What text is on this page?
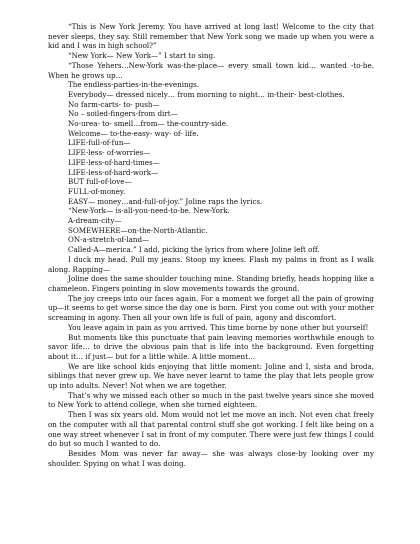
“This is New York Jeremy. You have arrived at long last! Welcome to the city that never sleeps, they say. Still remember that New York song we made up when you were a kid and I was in high school?”

“New York— New York—” I start to sing.

“Those Yehers…New-York was-the-place— every small town kid… wanted -to-be. When he grows up…

The endless-parties-in-the-evenings.

Everybody— dressed nicely… from morning to night… in-their- best-clothes.

No farm-carts- to- push—

No – soiled-fingers-from dirt—

No-urea- to- smell…from— the-country-side.

Welcome— to-the-easy- way- of- life.

LIFE-full-of-fun—

LIFE-less- of-worries—

LIFE-less-of-hard-times—

LIFE-less-of-hard-work—

BUT full-of-love—

FULL-of-money.

EASY— money…and-full-of-joy.” Joline raps the lyrics.

“New-York— is-all-you-need-to-be. New-York.

A-dream-city—

SOMEWHERE—on-the-North-Atlantic.

ON-a-stretch-of-land—

Called-A—merica.” I add, picking the lyrics from where Joline left off.

I duck my head. Pull my jeans. Stoop my knees. Flash my palms in front as I walk along. Rapping—

Joline does the same shoulder touching mine. Standing briefly, heads hopping like a chameleon. Fingers pointing in slow movements towards the ground.

The joy creeps into our faces again. For a moment we forget all the pain of growing up—it seems to get worse since the day one is born. First you come out with your mother screaming in agony. Then all your own life is full of pain, agony and discomfort.

You leave again in pain as you arrived. This time borne by none other but yourself!

But moments like this punctuate that pain leaving memories worthwhile enough to savor life… to drive the obvious pain that is life into the background. Even forgetting about it… if just— but for a little while. A little moment…

We are like school kids enjoying that little moment: Joline and I, sista and broda, siblings that never grew up. We have never learnt to tame the play that lets people grow up into adults. Never! Not when we are together.

That’s why we missed each other so much in the past twelve years since she moved to New York to attend college, when she turned eighteen.

Then I was six years old. Mom would not let me move an inch. Not even chat freely on the computer with all that parental control stuff she got working. I felt like being on a one way street whenever I sat in front of my computer. There were just few things I could do but so much I wanted to do.

Besides Mom was never far away— she was always close-by looking over my shoulder. Spying on what I was doing.
